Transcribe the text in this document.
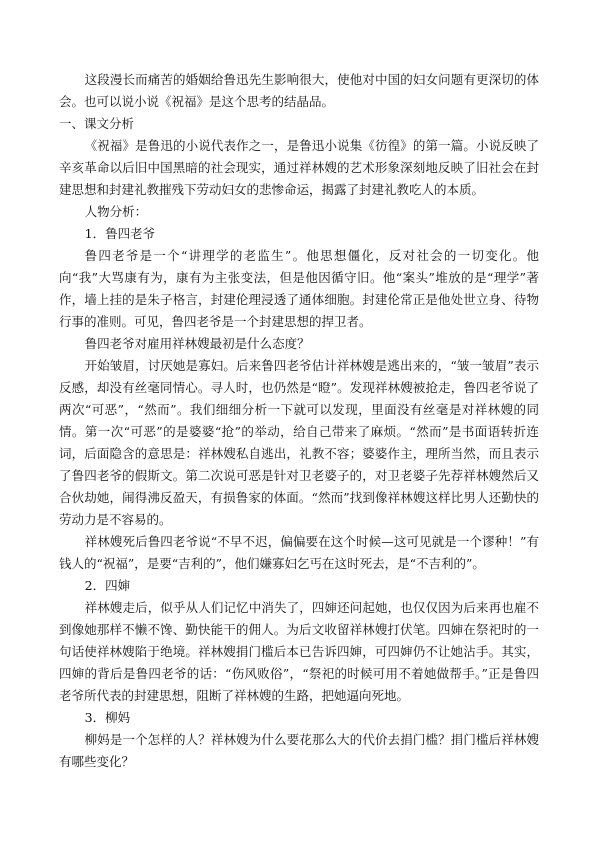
这段漫长而痛苦的婚姻给鲁迅先生影响很大，使他对中国的妇女问题有更深切的体会。也可以说小说《祝福》是这个思考的结晶品。

一、课文分析

《祝福》是鲁迅的小说代表作之一，是鲁迅小说集《彷徨》的第一篇。小说反映了辛亥革命以后旧中国黑暗的社会现实，通过祥林嫂的艺术形象深刻地反映了旧社会在封建思想和封建礼教摧残下劳动妇女的悲惨命运，揭露了封建礼教吃人的本质。

人物分析：

1．鲁四老爷

鲁四老爷是一个“讲理学的老监生”。他思想僵化，反对社会的一切变化。他向“我”大骂康有为，康有为主张变法，但是他因循守旧。他“案头”堆放的是“理学”著作，墙上挂的是朱子格言，封建伦理浸透了通体细胞。封建伦常正是他处世立身、待物行事的准则。可见，鲁四老爷是一个封建思想的捍卫者。

鲁四老爷对雇用祥林嫂最初是什么态度？

开始皱眉，讨厌她是寡妇。后来鲁四老爷估计祥林嫂是逃出来的，“皱一皱眉”表示反感，却没有丝毫同情心。寻人时，也仍然是“瞪”。发现祥林嫂被抢走，鲁四老爷说了两次“可恶”，“然而”。我们细细分析一下就可以发现，里面没有丝毫是对祥林嫂的同情。第一次“可恶”的是婆婆“抢”的举动，给自己带来了麻烦。“然而”是书面语转折连词，后面隐含的意思是：祥林嫂私自逃出，礼教不容；婆婆作主，理所当然，而且表示了鲁四老爷的假斯文。第二次说可恶是针对卫老婆子的，对卫老婆子先荐祥林嫂然后又合伙劫她，闹得沸反盈天，有损鲁家的体面。“然而”找到像祥林嫂这样比男人还勤快的劳动力是不容易的。

祥林嫂死后鲁四老爷说“不早不迟，偏偏要在这个时候—这可见就是一个谬种！”有钱人的“祝福”，是要“吉利的”，他们嫌寡妇乞丐在这时死去，是“不吉利的”。

2．四婶

祥林嫂走后，似乎从人们记忆中消失了，四婶还问起她，也仅仅因为后来再也雇不到像她那样不懒不馋、勤快能干的佣人。为后文收留祥林嫂打伏笔。四婶在祭祀时的一句话使祥林嫂陷于绝境。祥林嫂捐门槛后本已告诉四婶，可四婶仍不让她沾手。其实，四婶的背后是鲁四老爷的话：“伤风败俗”，“祭祀的时候可用不着她做帮手。”正是鲁四老爷所代表的封建思想，阻断了祥林嫂的生路，把她逼向死地。

3．柳妈

柳妈是一个怎样的人？祥林嫂为什么要花那么大的代价去捐门槛？捐门槛后祥林嫂有哪些变化？
